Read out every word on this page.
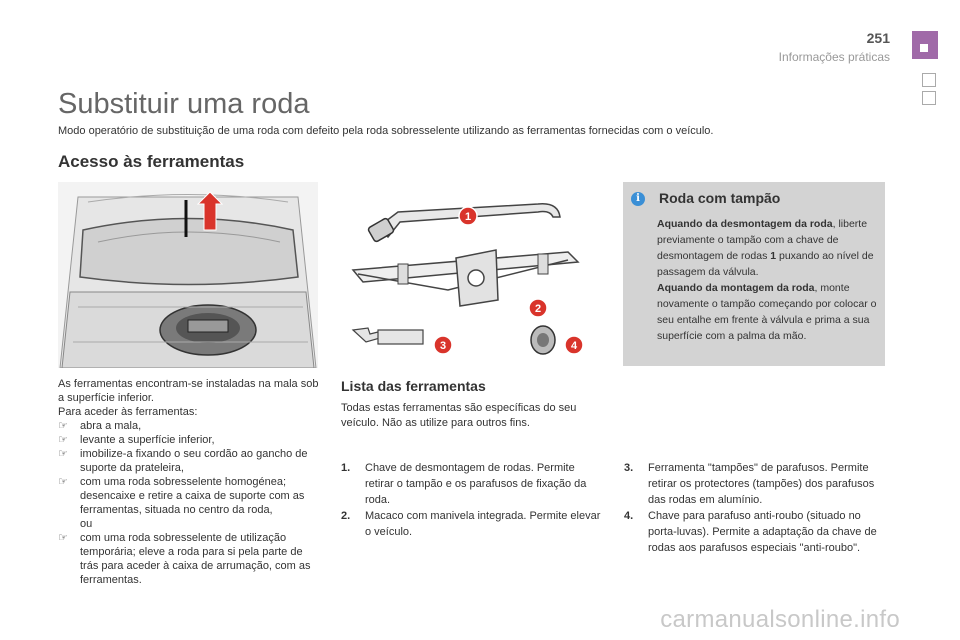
251
Informações práticas
Substituir uma roda
Modo operatório de substituição de uma roda com defeito pela roda sobresselente utilizando as ferramentas fornecidas com o veículo.
Acesso às ferramentas

As ferramentas encontram-se instaladas na mala sob a superfície inferior.

Para aceder às ferramentas:

☞ abra a mala,
☞ levante a superfície inferior,
☞ imobilize-a fixando o seu cordão ao gancho de suporte da prateleira,
☞ com uma roda sobresselente homogénea; desencaixe e retire a caixa de suporte com as ferramentas, situada no centro da roda,
ou
☞ com uma roda sobresselente de utilização temporária; eleve a roda para si pela parte de trás para aceder à caixa de arrumação, com as ferramentas.
1
2
3	4
i	Roda com tampão
Aquando da desmontagem da roda, liberte previamente o tampão com a chave de desmontagem de rodas 1 puxando ao nível de passagem da válvula.
Aquando da montagem da roda, monte novamente o tampão começando por colocar o seu entalhe em frente à válvula e prima a sua superfície com a palma da mão.
Lista das ferramentas
Todas estas ferramentas são específicas do seu veículo. Não as utilize para outros fins.
1. Chave de desmontagem de rodas. Permite retirar o tampão e os parafusos de fixação da roda.
2. Macaco com manivela integrada. Permite elevar o veículo.
3. Ferramenta "tampões" de parafusos. Permite retirar os protectores (tampões) dos parafusos das rodas em alumínio.
4. Chave para parafuso anti-roubo (situado no porta-luvas). Permite a adaptação da chave de rodas aos parafusos especiais "anti-roubo".
carmanualsonline.info
